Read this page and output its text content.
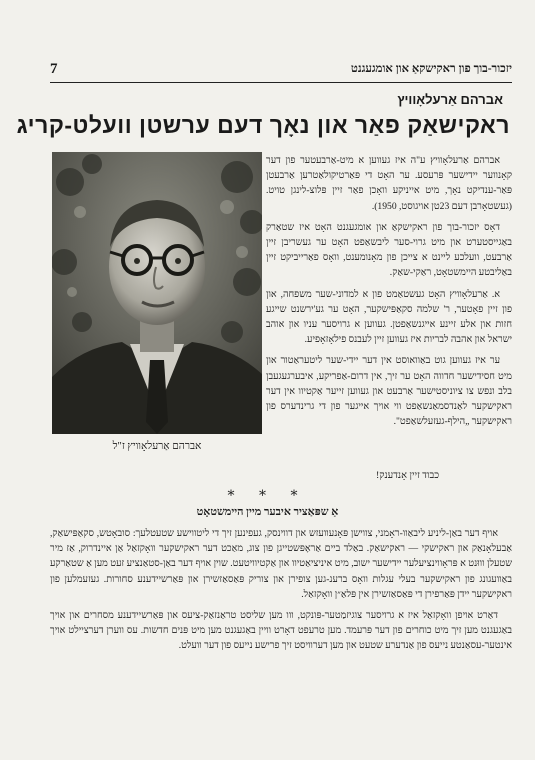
7	יזכור-בוך פון ראקישקאַ און אומגעגנט
אברהם אַרעלאָוויץ
ראקישאַק פאַר און נאָך דעם ערשטן וועלט-קריג
אברהם אַרעלאָוויץ ז"ל

אברהם אַרעלאָוויץ ע"ה איז געווען א מיט-אַרבעטער פון דער קאָנווער יידישער פּרעסע. ער האָט די פּאַרטיקולאַטרען אַרבעטן פּאַר-ענדיקט נאָך, מיט אייניקע וואָכן פאַר זיין פּלוצ-לינגן טויט. (געשטאָרבן דעם 23טן אויגוסט, 1950).

דאָס יזכור-בוך פון ראקישקאַ און אומגעגנט האָט איז שטאַרק באַגייסטערט און מיט גרוי-סער ליבשאַפט האָט ער געשריבן זיין אַרבעט, וועלכע ליינט א צייכן פון מאָנומענט, וואָס פאַרייביקט זיין באַליבטע היימשטאָט, ראַקי-שאַק.

א. אַרעלאָוויץ האָט געשטאַמט פון א למדוני-שער משפחה, און פון זיין פאָטער, ר' שלמה סקאַפּישקער, האָט ער גע'ירשנט שייגע חזות און אלע זיינע אייגנשאַפטן. געווען א גרויסער עניו און אוהב ישראל און אהבה לבריות איז געווען זיין לעבנס פילאָזאָפיע.

ער איז געווען גוט באַוואוסט אין דער יידי-שער ליטעראַטור און מיט חסידישער חדווה האָט ער זיך, אין דרום-אַפריקע, איבערגעגעבן בלב ונפש צו ציוניסטישער אַרבעט און געווען זייער אַקטיוו אין דער ראקישקער לאַנדסמאַנשאַפט ווי אויך אייגער פון די גרינדערס פון ראקישקער „הילף-געזעלשאַפט".

כבוד זיין אָנדענק!
* * *
אַ שפּאַציר איבער מיין היימשטאָט

אויף דער באַן-ליניע ליבאַוו-ראָמני, צווישן פּאָנעוועזש און דווינסק, געפינען זיך די ליטווישע שטעטלעך: סובאָטש, סקאַפּישאַק, אַבעלאָנאַק און ראקישקי — ראקישאַק. באַלד ביים אַראָפּשטייגן פון צוג, מאַכט דער ראקישקער וואָקזאַל אַן איינדרוק, אַז מיר שטעלן וווּנט א פּראָווינציעלער יידישער ישוב, מיט איניציאַטיוו און אַקטיוויטעט. שוין אויף דער באַן-סטאַנציע זעט מען אַ שטאַרקע באַוועגונג פון ראקישקער בעלי עגלות וואָס ברענ-גען צופירן און צוריק פּאַסאַזשירן און פּאַרשיידענע סחורות. געזעמלען פון ראקישקער יידן פּאַרפירן די פּאַסאַזשירן אין פּלאַ״ן וואָקזאַל.

דאַרט אויפן וואָקזאַל איז א גרויסער צוגיזמַטער-פּונקט, ווו מען שליסט טראַנזאַק-ציעס און פּאַרשיידענע מסחרים און אויך באַגעגנט מען זיך מיט כוחרים פון דער פּרעמד. מען טרעפט דאָרט וויין באַגעגנט מען מיט פּנים חדשות. עס ווערן דערציילט אויך אינטער-עסאַנטע נייעס פון אַנדערע שטעט און מען דערוויסט זיך פרישע נייעס פון דער וועלט.
